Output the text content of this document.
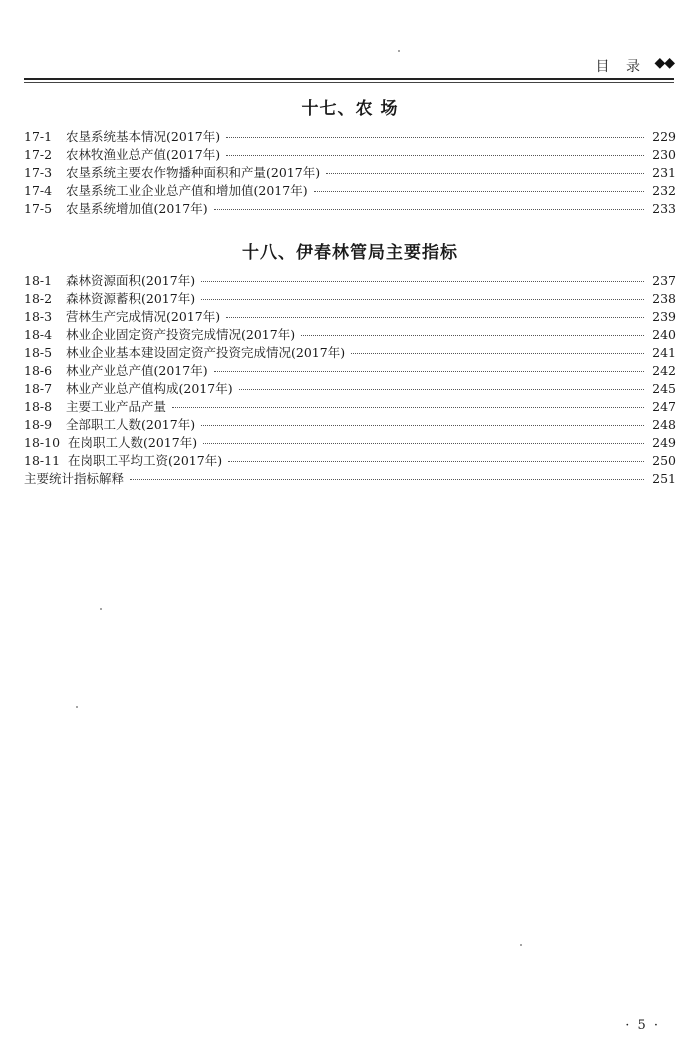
目 录 ◆◆
十七、农 场
17-1	农垦系统基本情况(2017年)	229
17-2	农林牧渔业总产值(2017年)	230
17-3	农垦系统主要农作物播种面积和产量(2017年)	231
17-4	农垦系统工业企业总产值和增加值(2017年)	232
17-5	农垦系统增加值(2017年)	233
十八、伊春林管局主要指标
18-1	森林资源面积(2017年)	237
18-2	森林资源蓄积(2017年)	238
18-3	营林生产完成情况(2017年)	239
18-4	林业企业固定资产投资完成情况(2017年)	240
18-5	林业企业基本建设固定资产投资完成情况(2017年)	241
18-6	林业产业总产值(2017年)	242
18-7	林业产业总产值构成(2017年)	245
18-8	主要工业产品产量	247
18-9	全部职工人数(2017年)	248
18-10 在岗职工人数(2017年)	249
18-11 在岗职工平均工资(2017年)	250
主要统计指标解释	251
· 5 ·
